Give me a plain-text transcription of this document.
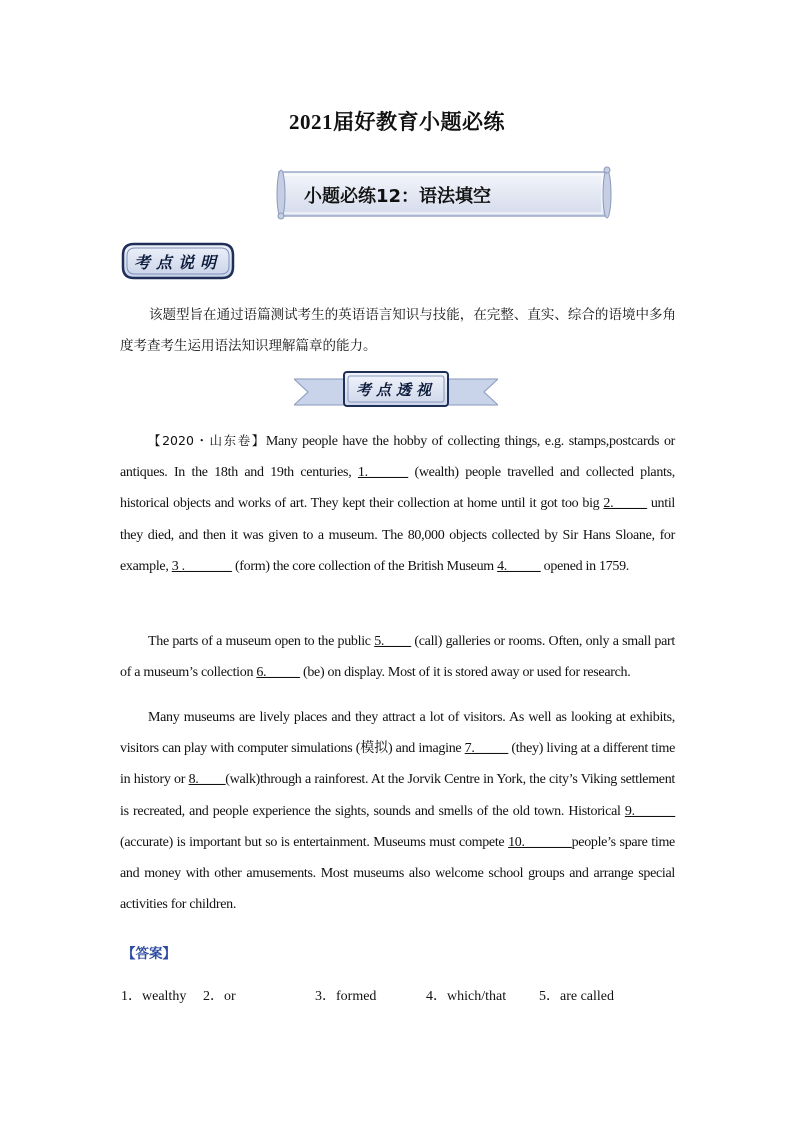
2021届好教育小题必练
小题必练12：语法填空
考点说明
该题型旨在通过语篇测试考生的英语语言知识与技能，在完整、直实、综合的语境中多角度考查考生运用语法知识理解篇章的能力。
考点透视
【2020・山东卷】Many people have the hobby of collecting things, e.g. stamps,postcards or antiques. In the 18th and 19th centuries, 1.______ (wealth) people travelled and collected plants, historical objects and works of art. They kept their collection at home until it got too big 2._____ until they died, and then it was given to a museum. The 80,000 objects collected by Sir Hans Sloane, for example, 3 ._______ (form) the core collection of the British Museum 4._____ opened in 1759.
The parts of a museum open to the public 5.____ (call) galleries or rooms. Often, only a small part of a museum’s collection 6._____ (be) on display. Most of it is stored away or used for research.
Many museums are lively places and they attract a lot of visitors. As well as looking at exhibits, visitors can play with computer simulations (模拟) and imagine 7._____ (they) living at a different time in history or 8.____(walk)through a rainforest. At the Jorvik Centre in York, the city’s Viking settlement is recreated, and people experience the sights, sounds and smells of the old town. Historical 9.______ (accurate) is important but so is entertainment. Museums must compete 10._______people’s spare time and money with other amusements. Most museums also welcome school groups and arrange special activities for children.
【答案】
1．wealthy 2．or	3．formed	4．which/that 5．are called
